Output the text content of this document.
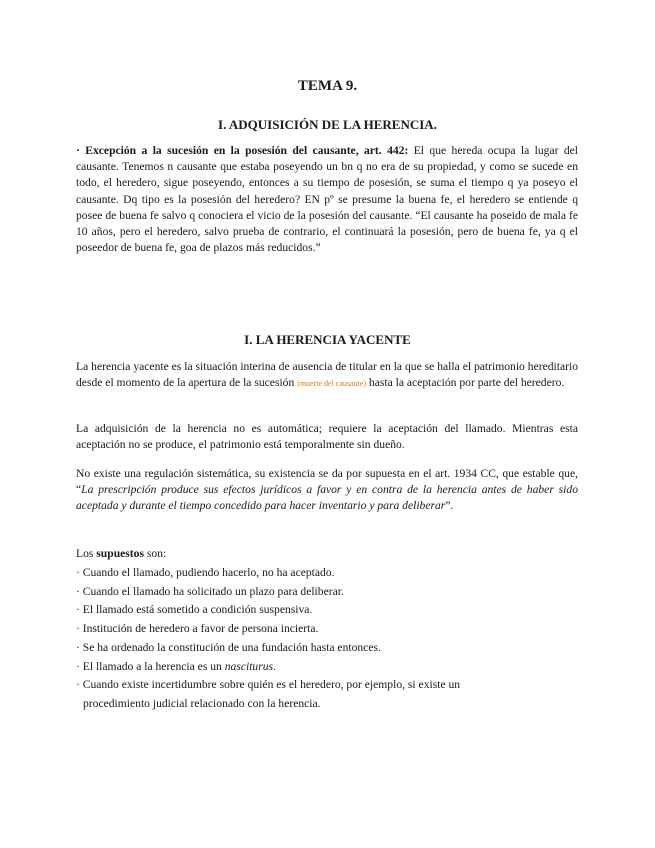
TEMA 9.
I. ADQUISICIÓN DE LA HERENCIA.

· Excepción a la sucesión en la posesión del causante, art. 442: El que hereda ocupa la lugar del causante. Tenemos n causante que estaba poseyendo un bn q no era de su propiedad, y como se sucede en todo, el heredero, sigue poseyendo, entonces a su tiempo de posesión, se suma el tiempo q ya poseyo el causante. Dq tipo es la posesión del heredero? EN pº se presume la buena fe, el heredero se entiende q posee de buena fe salvo q conociera el vicio de la posesión del causante. “El causante ha poseido de mala fe 10 años, pero el heredero, salvo prueba de contrario, el continuará la posesión, pero de buena fe, ya q el poseedor de buena fe, goa de plazos más reducidos.”

I. LA HERENCIA YACENTE

La herencia yacente es la situación interina de ausencia de titular en la que se halla el patrimonio hereditario desde el momento de la apertura de la sucesión (muerte del causante) hasta la aceptación por parte del heredero.

La adquisición de la herencia no es automática; requiere la aceptación del llamado. Mientras esta aceptación no se produce, el patrimonio está temporalmente sin dueño.

No existe una regulación sistemática, su existencia se da por supuesta en el art. 1934 CC, que estable que, “La prescripción produce sus efectos jurídicos a favor y en contra de la herencia antes de haber sido aceptada y durante el tiempo concedido para hacer inventario y para deliberar”.

Los supuestos son:

· Cuando el llamado, pudiendo hacerlo, no ha aceptado.
· Cuando el llamado ha solicitado un plazo para deliberar.
· El llamado está sometido a condición suspensiva.
· Institución de heredero a favor de persona incierta.
· Se ha ordenado la constitución de una fundación hasta entonces.
· El llamado a la herencia es un nasciturus.
· Cuando existe incertidumbre sobre quién es el heredero, por ejemplo, si existe un
procedimiento judicial relacionado con la herencia.
